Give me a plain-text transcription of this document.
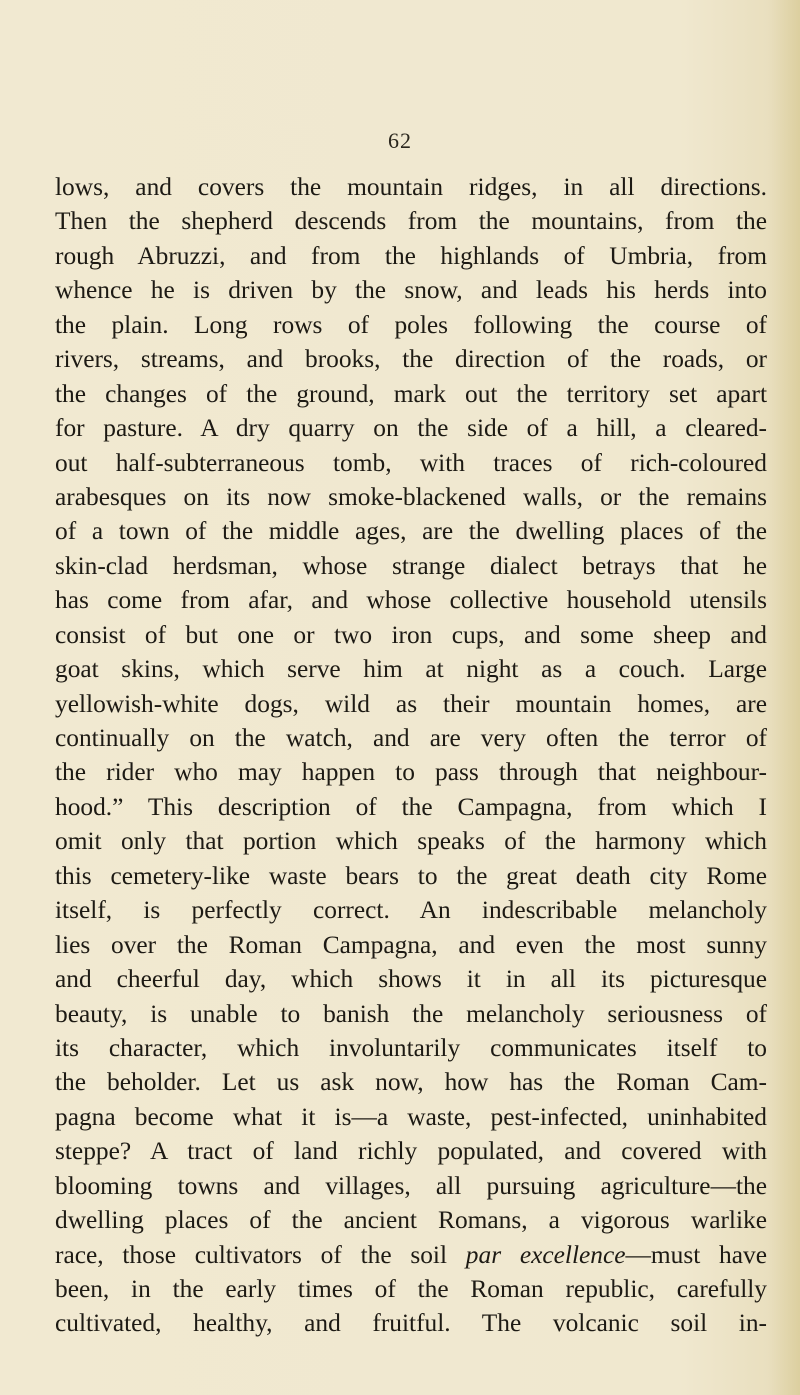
62
lows, and covers the mountain ridges, in all directions.
Then the shepherd descends from the mountains, from the
rough Abruzzi, and from the highlands of Umbria, from
whence he is driven by the snow, and leads his herds into
the plain. Long rows of poles following the course of
rivers, streams, and brooks, the direction of the roads, or
the changes of the ground, mark out the territory set apart
for pasture. A dry quarry on the side of a hill, a cleared-
out half-subterraneous tomb, with traces of rich-coloured
arabesques on its now smoke-blackened walls, or the remains
of a town of the middle ages, are the dwelling places of the
skin-clad herdsman, whose strange dialect betrays that he
has come from afar, and whose collective household utensils
consist of but one or two iron cups, and some sheep and
goat skins, which serve him at night as a couch. Large
yellowish-white dogs, wild as their mountain homes, are
continually on the watch, and are very often the terror of
the rider who may happen to pass through that neighbour-
hood.” This description of the Campagna, from which I
omit only that portion which speaks of the harmony which
this cemetery-like waste bears to the great death city Rome
itself, is perfectly correct. An indescribable melancholy
lies over the Roman Campagna, and even the most sunny
and cheerful day, which shows it in all its picturesque
beauty, is unable to banish the melancholy seriousness of
its character, which involuntarily communicates itself to
the beholder. Let us ask now, how has the Roman Cam-
pagna become what it is—a waste, pest-infected, uninhabited
steppe? A tract of land richly populated, and covered with
blooming towns and villages, all pursuing agriculture—the
dwelling places of the ancient Romans, a vigorous warlike
race, those cultivators of the soil par excellence—must have
been, in the early times of the Roman republic, carefully
cultivated, healthy, and fruitful. The volcanic soil in-
